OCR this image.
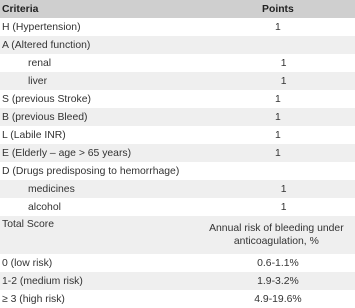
Criteria	Points
H (Hypertension)	1
A (Altered function)
renal	1
liver	1
S (previous Stroke)	1
B (previous Bleed)	1
L (Labile INR)	1
E (Elderly – age > 65 years)	1
D (Drugs predisposing to hemorrhage)
medicines	1
alcohol	1
Total Score	Annual risk of bleeding under anticoagulation, %
0 (low risk)	0.6-1.1%
1-2 (medium risk)	1.9-3.2%
≥ 3 (high risk)	4.9-19.6%
